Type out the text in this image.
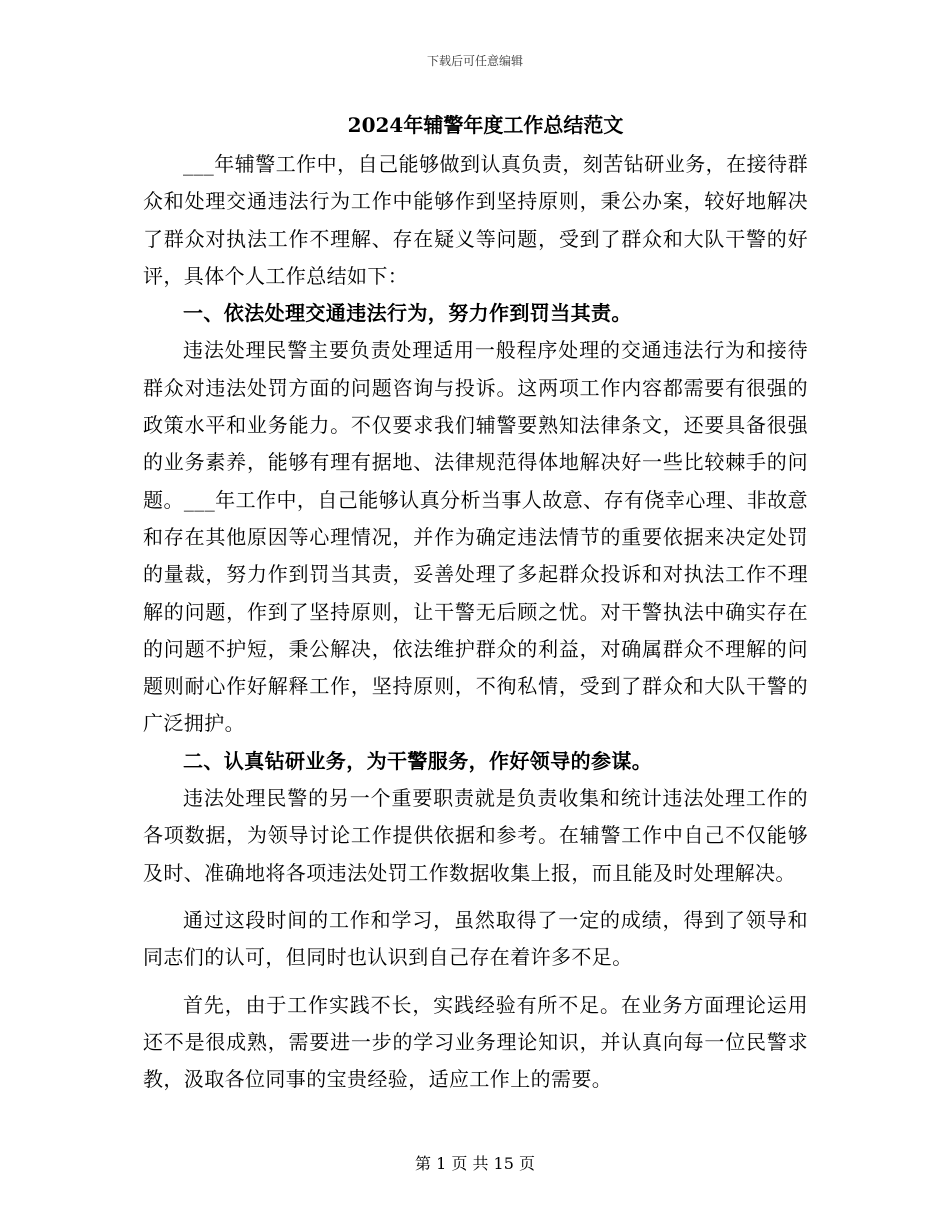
下载后可任意编辑
2024年辅警年度工作总结范文

___年辅警工作中，自己能够做到认真负责，刻苦钻研业务，在接待群众和处理交通违法行为工作中能够作到坚持原则，秉公办案，较好地解决了群众对执法工作不理解、存在疑义等问题，受到了群众和大队干警的好评，具体个人工作总结如下：

一、依法处理交通违法行为，努力作到罚当其责。

违法处理民警主要负责处理适用一般程序处理的交通违法行为和接待群众对违法处罚方面的问题咨询与投诉。这两项工作内容都需要有很强的政策水平和业务能力。不仅要求我们辅警要熟知法律条文，还要具备很强的业务素养，能够有理有据地、法律规范得体地解决好一些比较棘手的问题。___年工作中，自己能够认真分析当事人故意、存有侥幸心理、非故意和存在其他原因等心理情况，并作为确定违法情节的重要依据来决定处罚的量裁，努力作到罚当其责，妥善处理了多起群众投诉和对执法工作不理解的问题，作到了坚持原则，让干警无后顾之忧。对干警执法中确实存在的问题不护短，秉公解决，依法维护群众的利益，对确属群众不理解的问题则耐心作好解释工作，坚持原则，不徇私情，受到了群众和大队干警的广泛拥护。

二、认真钻研业务，为干警服务，作好领导的参谋。

违法处理民警的另一个重要职责就是负责收集和统计违法处理工作的各项数据，为领导讨论工作提供依据和参考。在辅警工作中自己不仅能够及时、准确地将各项违法处罚工作数据收集上报，而且能及时处理解决。

通过这段时间的工作和学习，虽然取得了一定的成绩，得到了领导和同志们的认可，但同时也认识到自己存在着许多不足。

首先，由于工作实践不长，实践经验有所不足。在业务方面理论运用还不是很成熟，需要进一步的学习业务理论知识，并认真向每一位民警求教，汲取各位同事的宝贵经验，适应工作上的需要。

第 1 页 共 15 页
